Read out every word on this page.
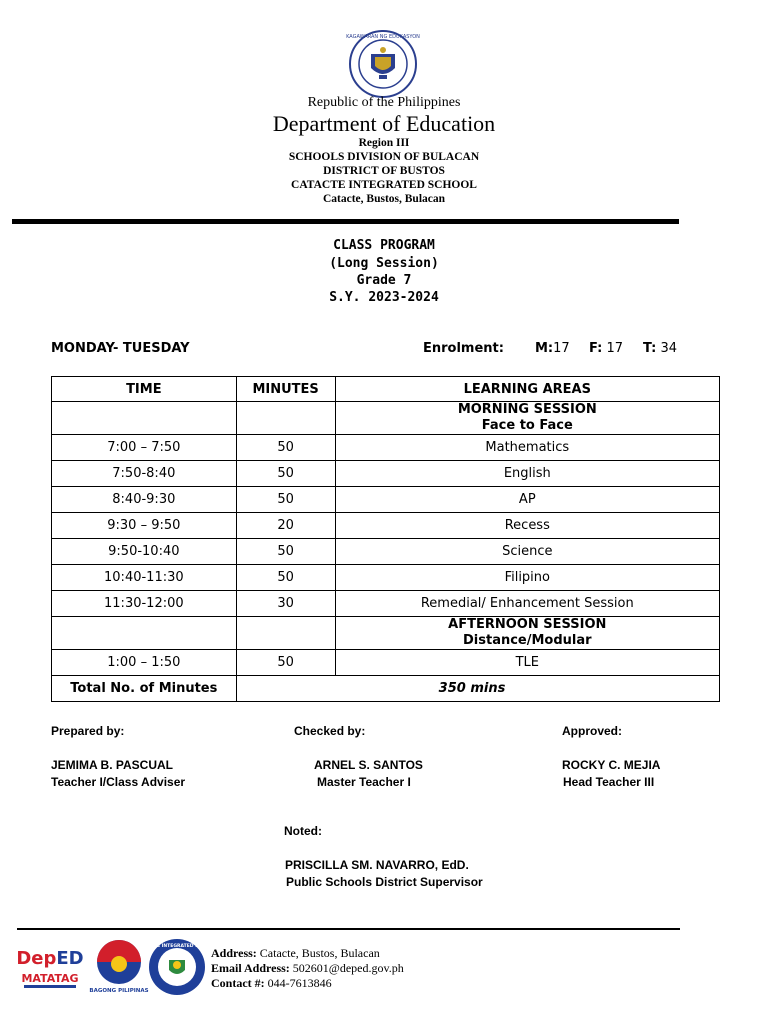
KAGAWARAN NG EDUKASYON
Republic of the Philippines
Department of Education
Region III
SCHOOLS DIVISION OF BULACAN
DISTRICT OF BUSTOS
CATACTE INTEGRATED SCHOOL
Catacte, Bustos, Bulacan
CLASS PROGRAM
(Long Session)
Grade 7
S.Y. 2023-2024
MONDAY- TUESDAY	Enrolment: M:17 F: 17 T: 34
TIME	MINUTES	LEARNING AREAS

		MORNING SESSION
Face to Face

7:00 – 7:50	50	Mathematics
7:50-8:40	50	English
8:40-9:30	50	AP
9:30 – 9:50	20	Recess
9:50-10:40	50	Science
10:40-11:30	50	Filipino
11:30-12:00	30	Remedial/ Enhancement Session

		AFTERNOON SESSION
Distance/Modular

1:00 – 1:50	50	TLE
Total No. of Minutes	350 mins	
Prepared by:	Checked by:	Approved:
JEMIMA B. PASCUAL
Teacher I/Class Adviser
ARNEL S. SANTOS
Master Teacher I
ROCKY C. MEJIA
Head Teacher III
Noted:
PRISCILLA SM. NAVARRO, EdD.
Public Schools District Supervisor
DepED
MATATAG
BAGONG PILIPINAS
CATACTE INTEGRATED SCHOOL
Address: Catacte, Bustos, Bulacan
Email Address: 502601@deped.gov.ph
Contact #: 044-7613846
